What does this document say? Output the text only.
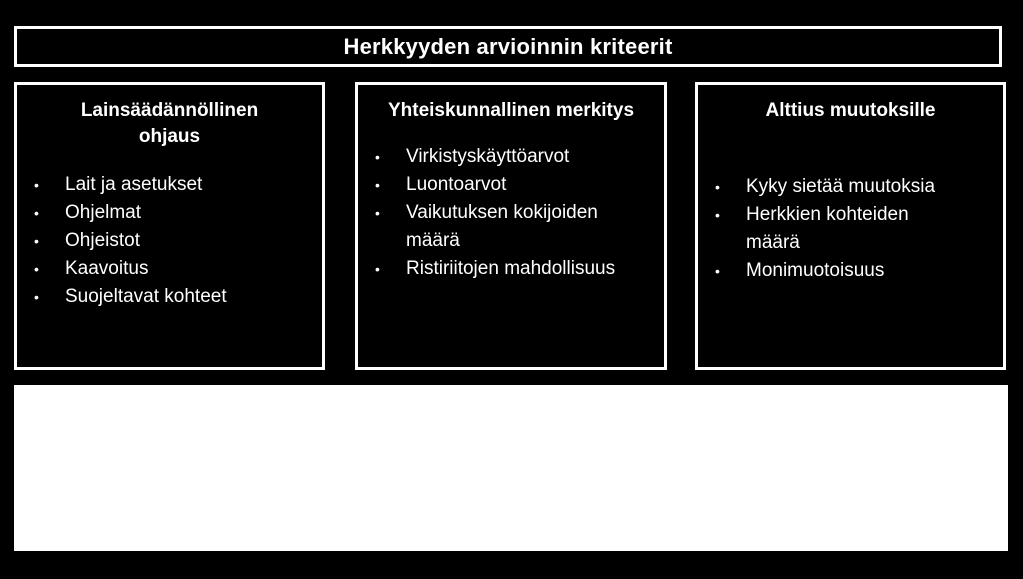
Herkkyyden arvioinnin kriteerit
Lainsäädännöllinen ohjaus
•	Lait ja asetukset
•	Ohjelmat
•	Ohjeistot
•	Kaavoitus
•	Suojeltavat kohteet
Yhteiskunnallinen merkitys
•	Virkistyskäyttöarvot
•	Luontoarvot
•	Vaikutuksen kokijoiden määrä
•	Ristiriitojen mahdollisuus
Alttius muutoksille
•	Kyky sietää muutoksia
•	Herkkien kohteiden määrä
•	Monimuotoisuus
